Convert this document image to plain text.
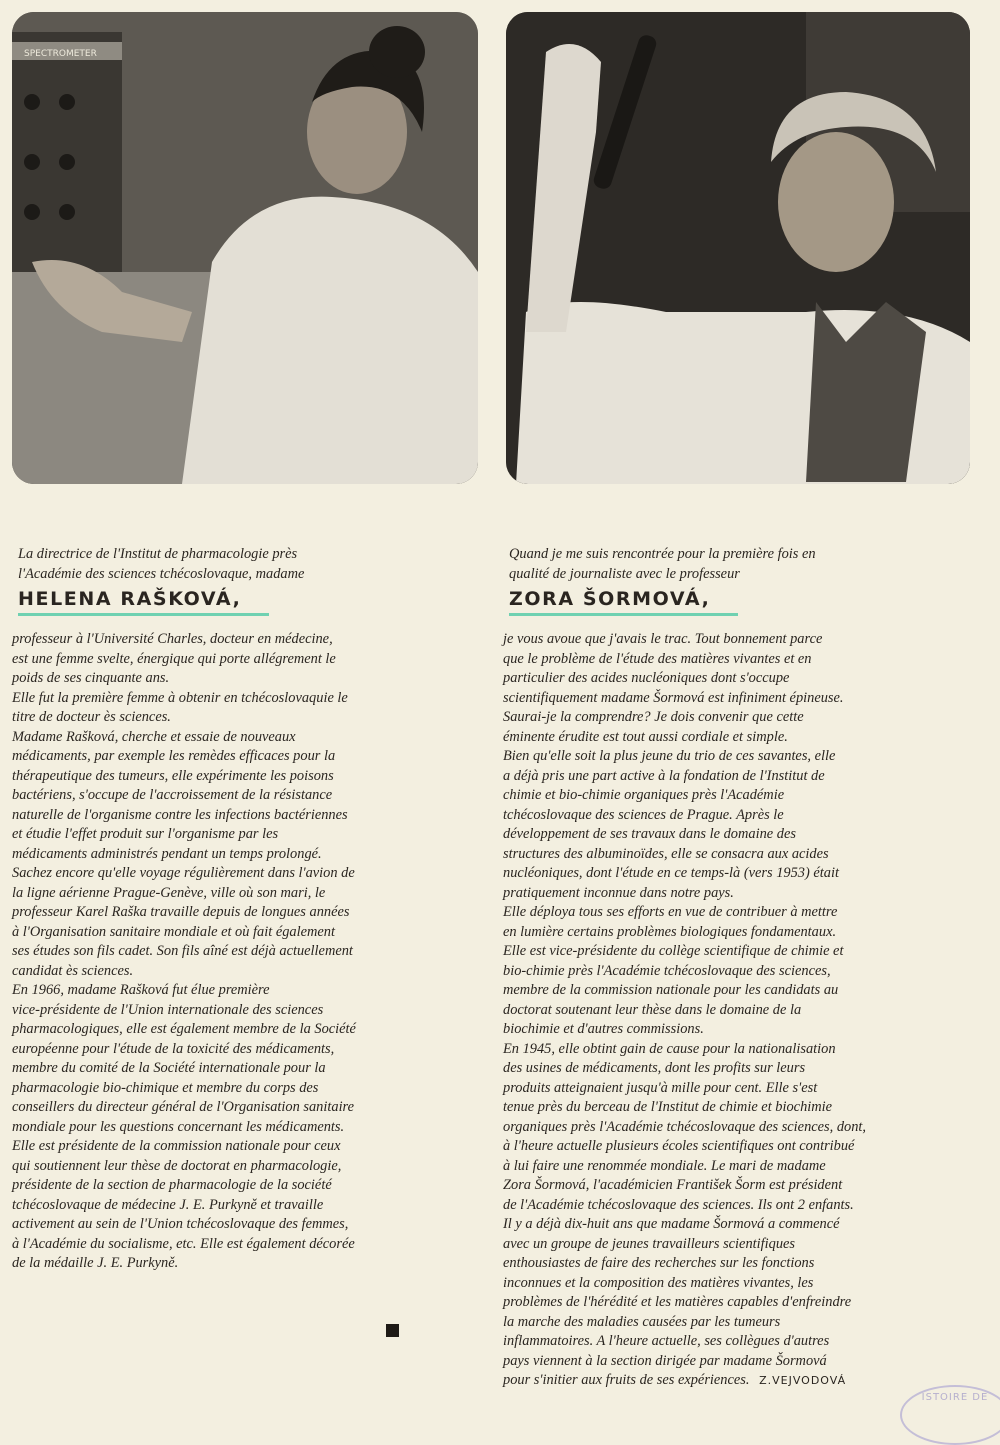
SPECTROMETER

La directrice de l'Institut de pharmacologie près
l'Académie des sciences tchécoslovaque, madame

HELENA RAŠKOVÁ,

professeur à l'Université Charles, docteur en médecine,
est une femme svelte, énergique qui porte allégrement le
poids de ses cinquante ans.
Elle fut la première femme à obtenir en tchécoslovaquie le
titre de docteur ès sciences.
Madame Rašková, cherche et essaie de nouveaux
médicaments, par exemple les remèdes efficaces pour la
thérapeutique des tumeurs, elle expérimente les poisons
bactériens, s'occupe de l'accroissement de la résistance
naturelle de l'organisme contre les infections bactériennes
et étudie l'effet produit sur l'organisme par les
médicaments administrés pendant un temps prolongé.
Sachez encore qu'elle voyage régulièrement dans l'avion de
la ligne aérienne Prague-Genève, ville où son mari, le
professeur Karel Raška travaille depuis de longues années
à l'Organisation sanitaire mondiale et où fait également
ses études son fils cadet. Son fils aîné est déjà actuellement
candidat ès sciences.
En 1966, madame Rašková fut élue première
vice-présidente de l'Union internationale des sciences
pharmacologiques, elle est également membre de la Société
européenne pour l'étude de la toxicité des médicaments,
membre du comité de la Société internationale pour la
pharmacologie bio-chimique et membre du corps des
conseillers du directeur général de l'Organisation sanitaire
mondiale pour les questions concernant les médicaments.
Elle est présidente de la commission nationale pour ceux
qui soutiennent leur thèse de doctorat en pharmacologie,
présidente de la section de pharmacologie de la société
tchécoslovaque de médecine J. E. Purkyně et travaille
activement au sein de l'Union tchécoslovaque des femmes,
à l'Académie du socialisme, etc. Elle est également décorée
de la médaille J. E. Purkyně.

Quand je me suis rencontrée pour la première fois en
qualité de journaliste avec le professeur

ZORA ŠORMOVÁ,

je vous avoue que j'avais le trac. Tout bonnement parce
que le problème de l'étude des matières vivantes et en
particulier des acides nucléoniques dont s'occupe
scientifiquement madame Šormová est infiniment épineuse.
Saurai-je la comprendre? Je dois convenir que cette
éminente érudite est tout aussi cordiale et simple.
Bien qu'elle soit la plus jeune du trio de ces savantes, elle
a déjà pris une part active à la fondation de l'Institut de
chimie et bio-chimie organiques près l'Académie
tchécoslovaque des sciences de Prague. Après le
développement de ses travaux dans le domaine des
structures des albuminoïdes, elle se consacra aux acides
nucléoniques, dont l'étude en ce temps-là (vers 1953) était
pratiquement inconnue dans notre pays.
Elle déploya tous ses efforts en vue de contribuer à mettre
en lumière certains problèmes biologiques fondamentaux.
Elle est vice-présidente du collège scientifique de chimie et
bio-chimie près l'Académie tchécoslovaque des sciences,
membre de la commission nationale pour les candidats au
doctorat soutenant leur thèse dans le domaine de la
biochimie et d'autres commissions.
En 1945, elle obtint gain de cause pour la nationalisation
des usines de médicaments, dont les profits sur leurs
produits atteignaient jusqu'à mille pour cent. Elle s'est
tenue près du berceau de l'Institut de chimie et biochimie
organiques près l'Académie tchécoslovaque des sciences, dont,
à l'heure actuelle plusieurs écoles scientifiques ont contribué
à lui faire une renommée mondiale. Le mari de madame
Zora Šormová, l'académicien František Šorm est président
de l'Académie tchécoslovaque des sciences. Ils ont 2 enfants.
Il y a déjà dix-huit ans que madame Šormová a commencé
avec un groupe de jeunes travailleurs scientifiques
enthousiastes de faire des recherches sur les fonctions
inconnues et la composition des matières vivantes, les
problèmes de l'hérédité et les matières capables d'enfreindre
la marche des maladies causées par les tumeurs
inflammatoires. A l'heure actuelle, ses collègues d'autres
pays viennent à la section dirigée par madame Šormová
pour s'initier aux fruits de ses expériences. Z.VEJVODOVÁ

ISTOIRE DE
